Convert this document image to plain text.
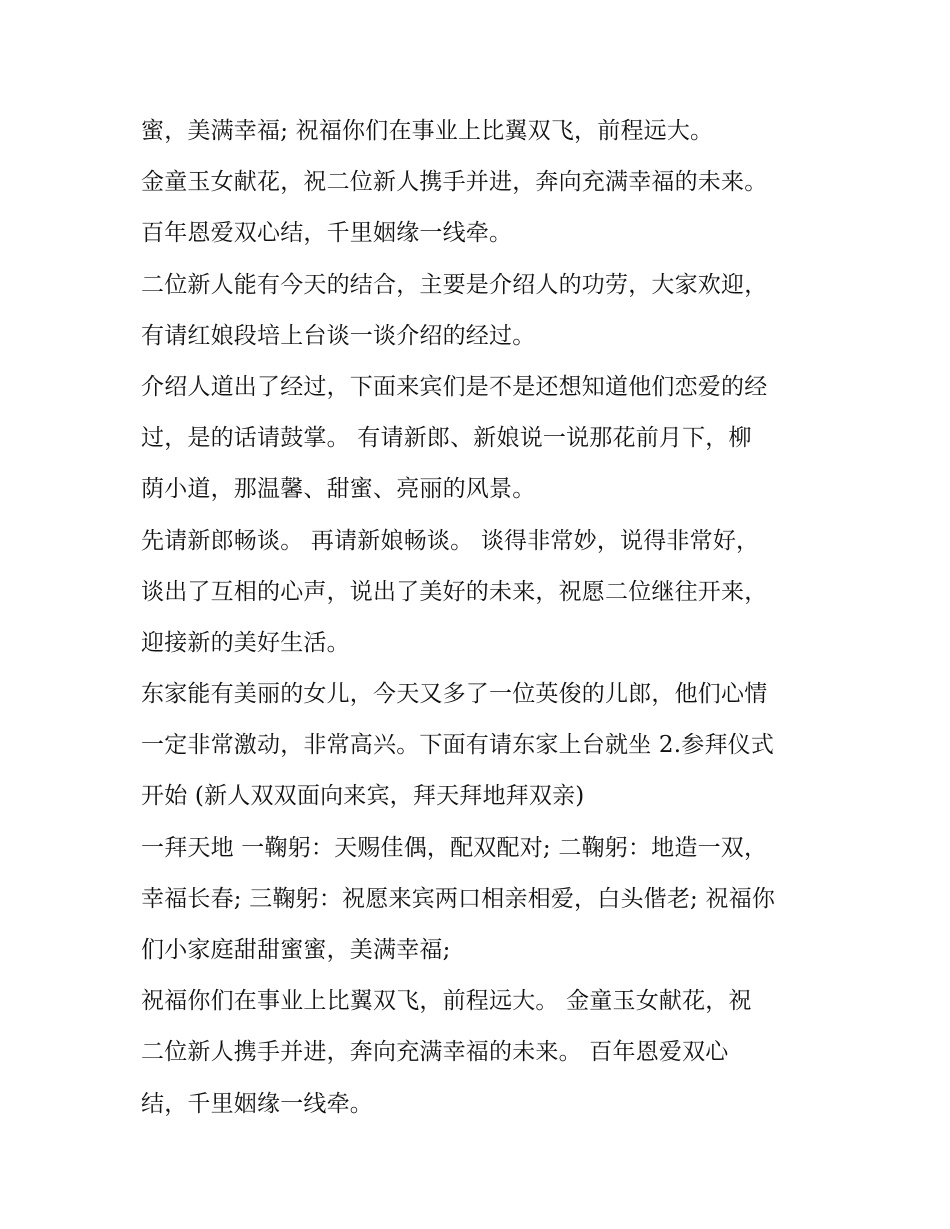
蜜，美满幸福; 祝福你们在事业上比翼双飞，前程远大。
金童玉女献花，祝二位新人携手并进，奔向充满幸福的未来。
百年恩爱双心结，千里姻缘一线牵。
二位新人能有今天的结合，主要是介绍人的功劳，大家欢迎，
有请红娘段培上台谈一谈介绍的经过。
介绍人道出了经过，下面来宾们是不是还想知道他们恋爱的经
过，是的话请鼓掌。 有请新郎、新娘说一说那花前月下，柳
荫小道，那温馨、甜蜜、亮丽的风景。
先请新郎畅谈。 再请新娘畅谈。 谈得非常妙，说得非常好，
谈出了互相的心声，说出了美好的未来，祝愿二位继往开来，
迎接新的美好生活。
东家能有美丽的女儿，今天又多了一位英俊的儿郎，他们心情
一定非常激动，非常高兴。下面有请东家上台就坐 2.参拜仪式
开始 (新人双双面向来宾，拜天拜地拜双亲)
一拜天地 一鞠躬：天赐佳偶，配双配对; 二鞠躬：地造一双，
幸福长春; 三鞠躬：祝愿来宾两口相亲相爱，白头偕老; 祝福你
们小家庭甜甜蜜蜜，美满幸福;
祝福你们在事业上比翼双飞，前程远大。 金童玉女献花，祝
二位新人携手并进，奔向充满幸福的未来。 百年恩爱双心
结，千里姻缘一线牵。
